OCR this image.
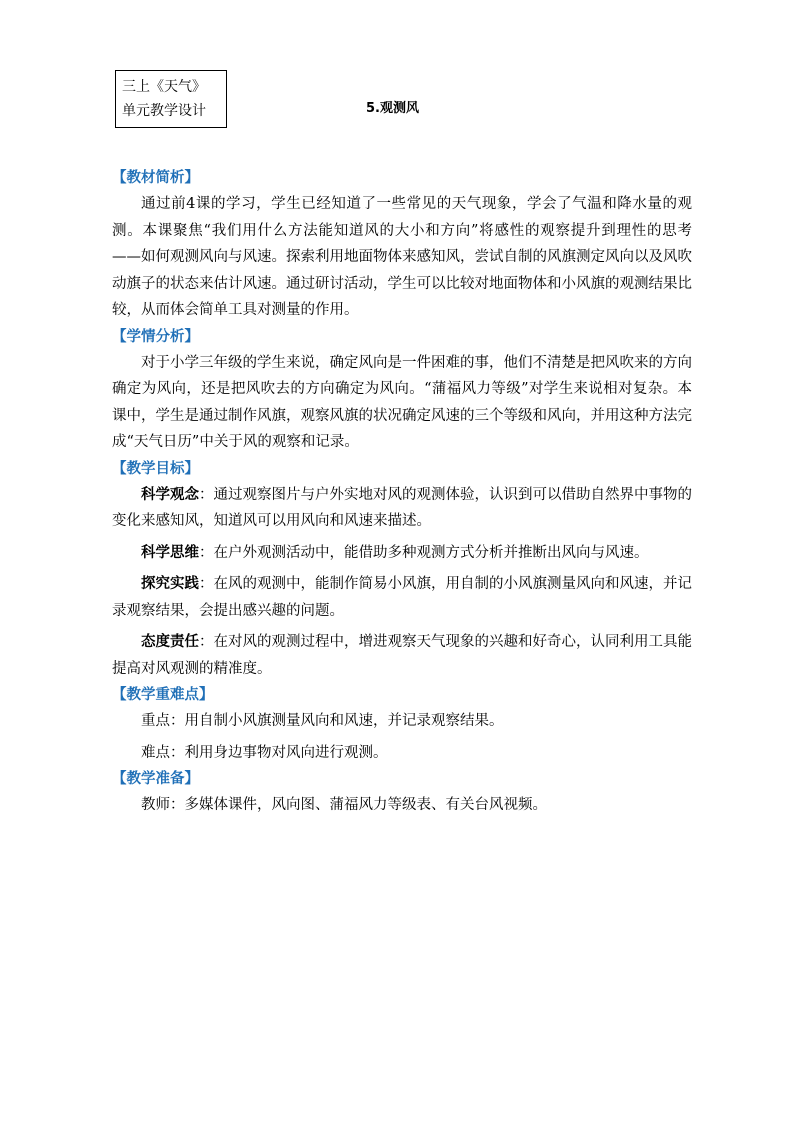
三上《天气》
单元教学设计	5.观测风
【教材简析】

通过前4课的学习，学生已经知道了一些常见的天气现象，学会了气温和降水量的观测。本课聚焦“我们用什么方法能知道风的大小和方向”将感性的观察提升到理性的思考——如何观测风向与风速。探索利用地面物体来感知风，尝试自制的风旗测定风向以及风吹动旗子的状态来估计风速。通过研讨活动，学生可以比较对地面物体和小风旗的观测结果比较，从而体会简单工具对测量的作用。

【学情分析】

对于小学三年级的学生来说，确定风向是一件困难的事，他们不清楚是把风吹来的方向确定为风向，还是把风吹去的方向确定为风向。“蒲福风力等级”对学生来说相对复杂。本课中，学生是通过制作风旗，观察风旗的状况确定风速的三个等级和风向，并用这种方法完成“天气日历”中关于风的观察和记录。

【教学目标】

科学观念：通过观察图片与户外实地对风的观测体验，认识到可以借助自然界中事物的变化来感知风，知道风可以用风向和风速来描述。

科学思维：在户外观测活动中，能借助多种观测方式分析并推断出风向与风速。

探究实践：在风的观测中，能制作简易小风旗，用自制的小风旗测量风向和风速，并记录观察结果，会提出感兴趣的问题。

态度责任：在对风的观测过程中，增进观察天气现象的兴趣和好奇心，认同利用工具能提高对风观测的精准度。

【教学重难点】

重点：用自制小风旗测量风向和风速，并记录观察结果。

难点：利用身边事物对风向进行观测。

【教学准备】

教师：多媒体课件，风向图、蒲福风力等级表、有关台风视频。
